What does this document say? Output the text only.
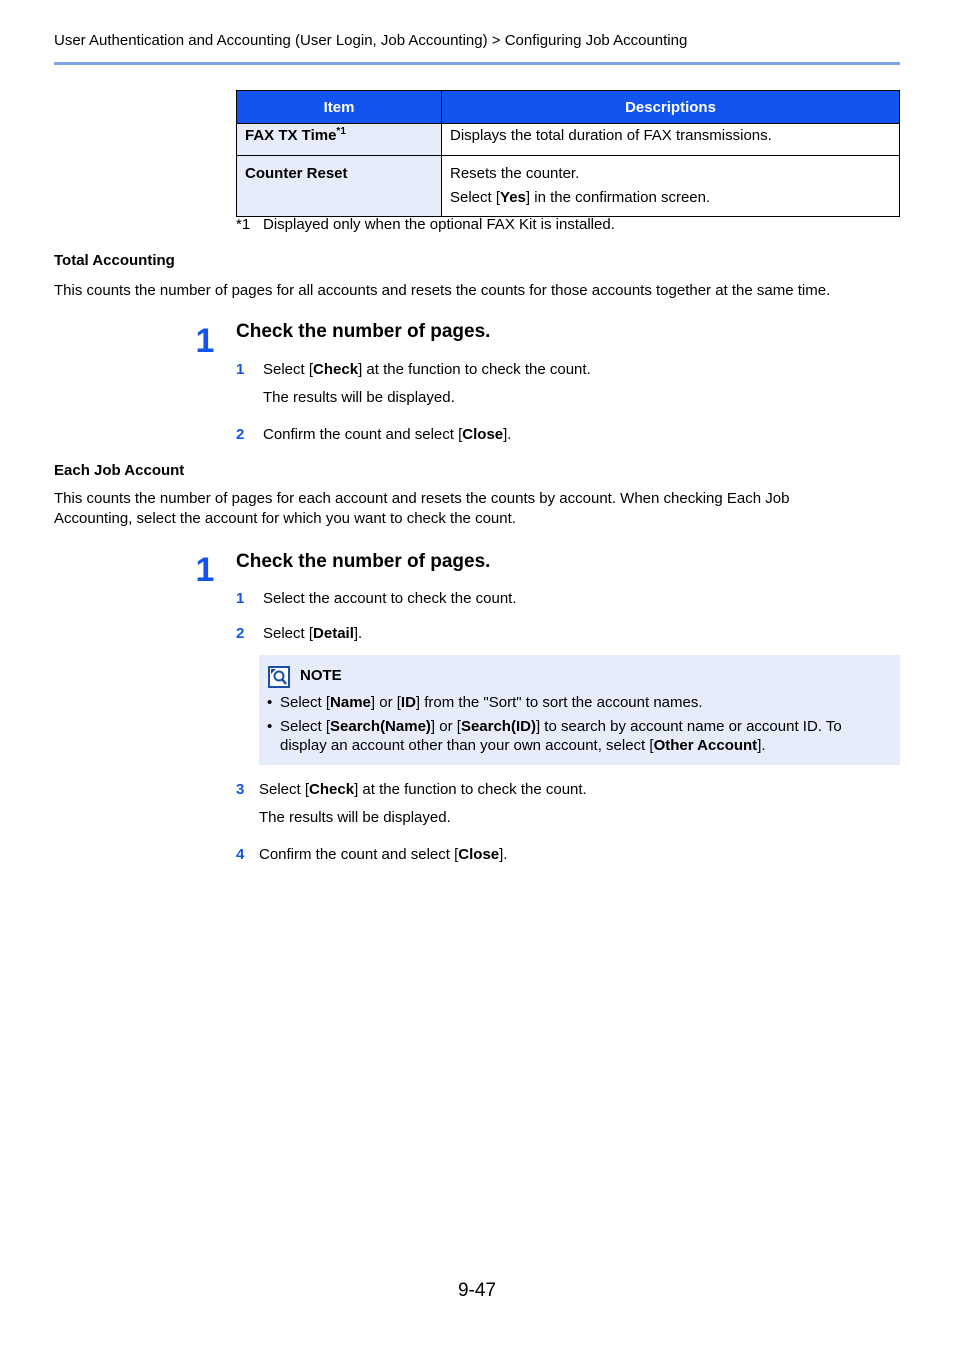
User Authentication and Accounting (User Login, Job Accounting) > Configuring Job Accounting
Item	Descriptions
FAX TX Time$^{*1}$	Displays the total duration of FAX transmissions.
Counter Reset	Resets the counter.
Select [Yes] in the confirmation screen.
*1 Displayed only when the optional FAX Kit is installed.
Total Accounting
This counts the number of pages for all accounts and resets the counts for those accounts together at the same time.
1 Check the number of pages.
1 Select [Check] at the function to check the count.
The results will be displayed.
2 Confirm the count and select [Close].
Each Job Account
This counts the number of pages for each account and resets the counts by account. When checking Each Job
Accounting, select the account for which you want to check the count.
1 Check the number of pages.
1 Select the account to check the count.
2 Select [Detail].
NOTE
• Select [Name] or [ID] from the "Sort" to sort the account names.
• Select [Search(Name)] or [Search(ID)] to search by account name or account ID. To
display an account other than your own account, select [Other Account].
3 Select [Check] at the function to check the count.
The results will be displayed.
4 Confirm the count and select [Close].
9-47
